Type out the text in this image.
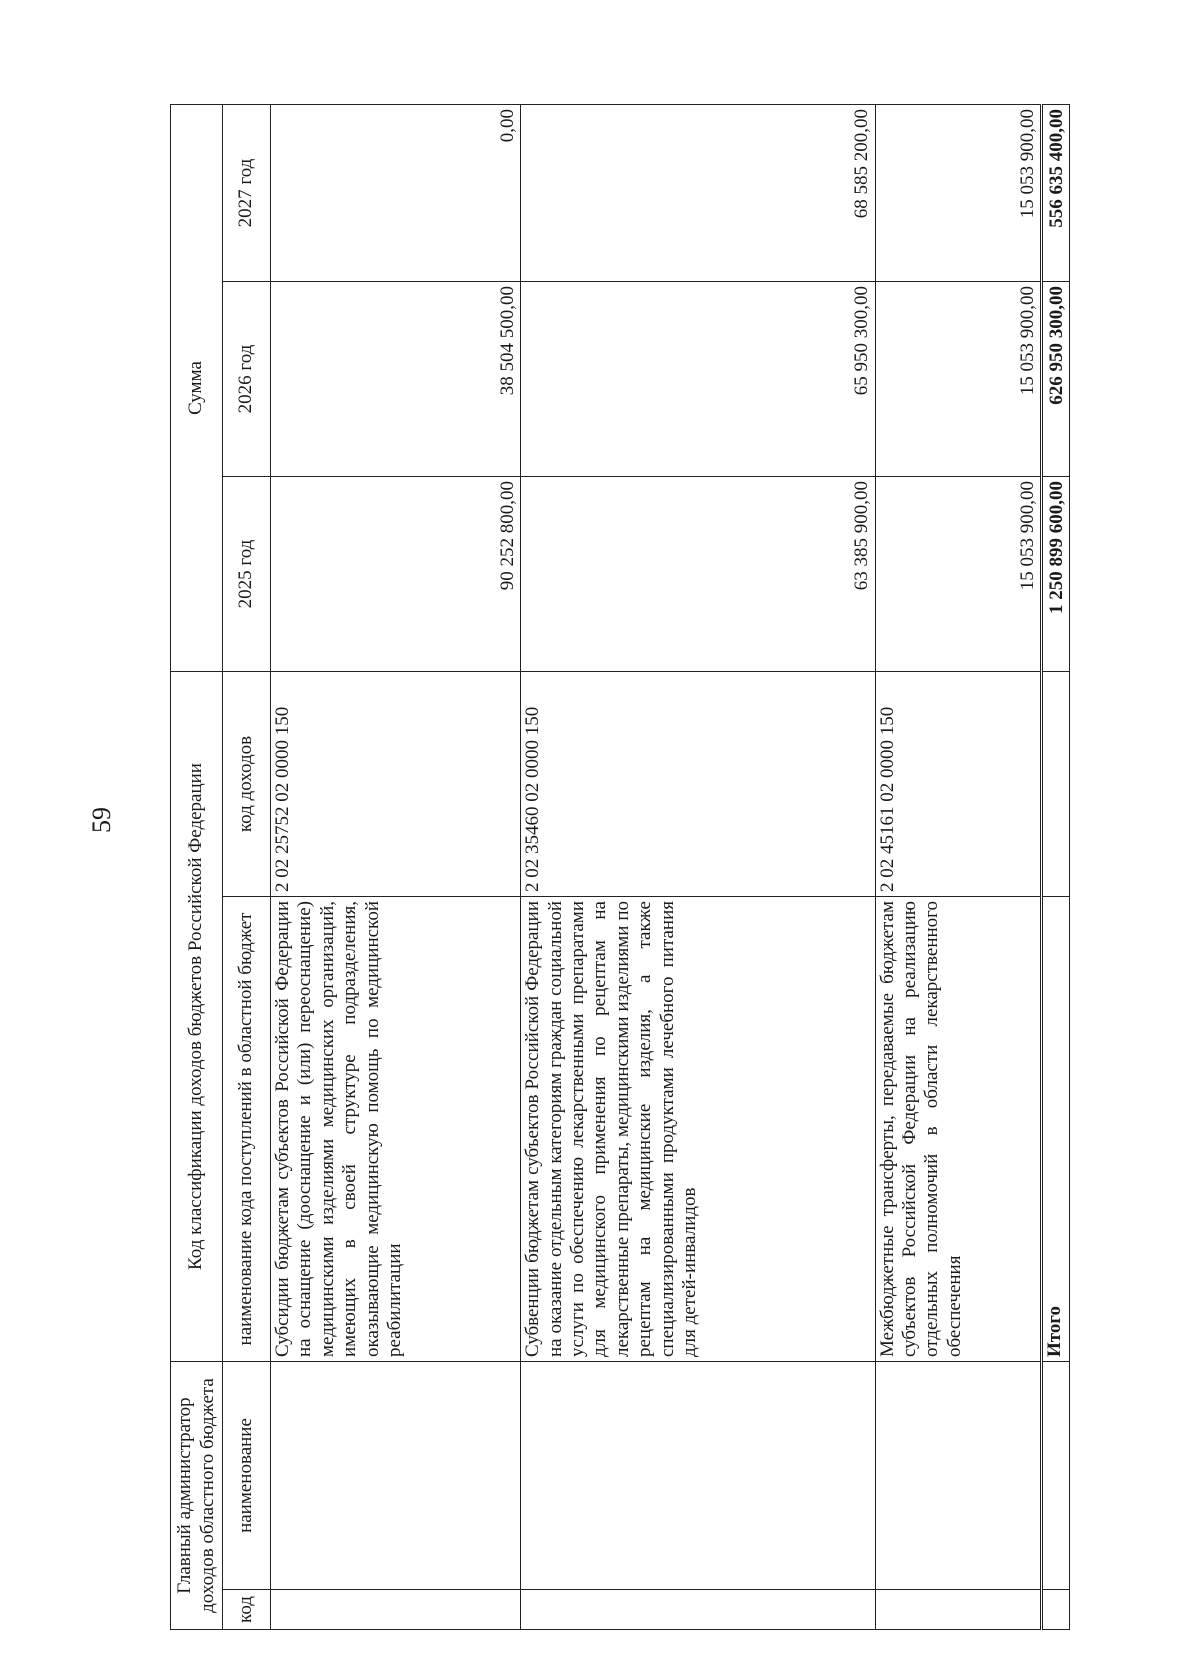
59
Главный администратор доходов областного бюджета		Код классификации доходов бюджетов Российской Федерации		Сумма		
код	наименование	наименование кода поступлений в областной бюджет	код доходов	2025 год	2026 год	2027 год
		Субсидии бюджетам субъектов Российской Федерации на оснащение (дооснащение и (или) переоснащение) медицинскими изделиями медицинских организаций, имеющих в своей структуре подразделения, оказывающие медицинскую помощь по медицинской реабилитации	2 02 25752 02 0000 150	90 252 800,00	38 504 500,00	0,00
		Субвенции бюджетам субъектов Российской Федерации на оказание отдельным категориям граждан социальной услуги по обеспечению лекарственными препаратами для медицинского применения по рецептам на лекарственные препараты, медицинскими изделиями по рецептам на медицинские изделия, а также специализированными продуктами лечебного питания для детей-инвалидов	2 02 35460 02 0000 150	63 385 900,00	65 950 300,00	68 585 200,00
		Межбюджетные трансферты, передаваемые бюджетам субъектов Российской Федерации на реализацию отдельных полномочий в области лекарственного обеспечения	2 02 45161 02 0000 150	15 053 900,00	15 053 900,00	15 053 900,00
		Итого		1 250 899 600,00	626 950 300,00	556 635 400,00
